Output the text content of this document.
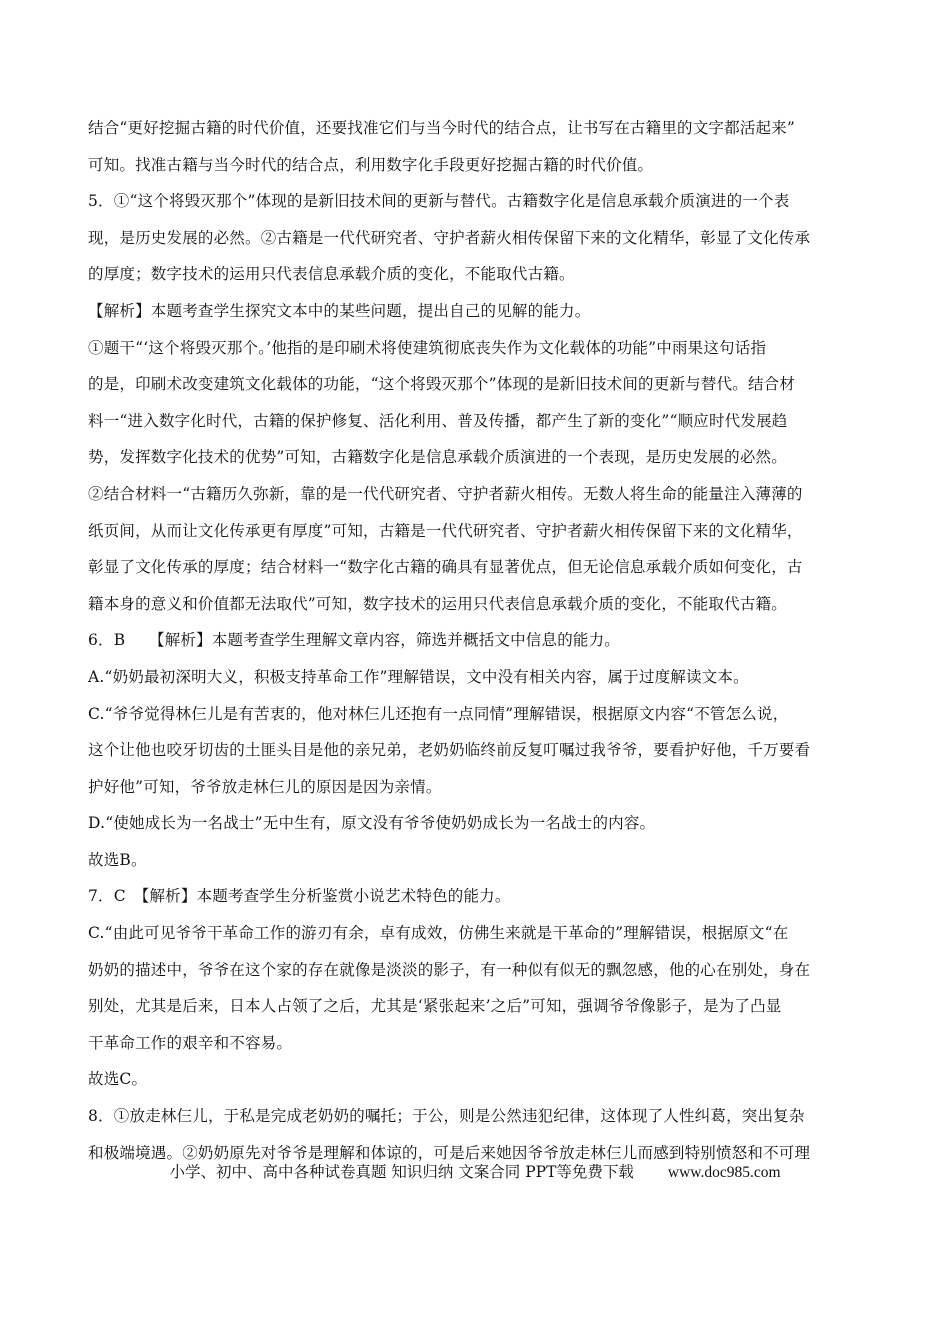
结合“更好挖掘古籍的时代价值，还要找准它们与当今时代的结合点，让书写在古籍里的文字都活起来”
可知。找准古籍与当今时代的结合点，利用数字化手段更好挖掘古籍的时代价值。
5．①“这个将毁灭那个”体现的是新旧技术间的更新与替代。古籍数字化是信息承载介质演进的一个表
现，是历史发展的必然。②古籍是一代代研究者、守护者薪火相传保留下来的文化精华，彰显了文化传承
的厚度；数字技术的运用只代表信息承载介质的变化，不能取代古籍。
【解析】本题考查学生探究文本中的某些问题，提出自己的见解的能力。
①题干“‘这个将毁灭那个。’他指的是印刷术将使建筑彻底丧失作为文化载体的功能”中雨果这句话指
的是，印刷术改变建筑文化载体的功能，“这个将毁灭那个”体现的是新旧技术间的更新与替代。结合材
料一“进入数字化时代，古籍的保护修复、活化利用、普及传播，都产生了新的变化”“顺应时代发展趋
势，发挥数字化技术的优势”可知，古籍数字化是信息承载介质演进的一个表现，是历史发展的必然。
②结合材料一“古籍历久弥新，靠的是一代代研究者、守护者薪火相传。无数人将生命的能量注入薄薄的
纸页间，从而让文化传承更有厚度”可知，古籍是一代代研究者、守护者薪火相传保留下来的文化精华，
彰显了文化传承的厚度；结合材料一“数字化古籍的确具有显著优点，但无论信息承载介质如何变化，古
籍本身的意义和价值都无法取代”可知，数字技术的运用只代表信息承载介质的变化，不能取代古籍。
6．B　　【解析】本题考查学生理解文章内容，筛选并概括文中信息的能力。
A.“奶奶最初深明大义，积极支持革命工作”理解错误，文中没有相关内容，属于过度解读文本。
C.“爷爷觉得林仨儿是有苦衷的，他对林仨儿还抱有一点同情”理解错误，根据原文内容“不管怎么说，
这个让他也咬牙切齿的土匪头目是他的亲兄弟，老奶奶临终前反复叮嘱过我爷爷，要看护好他，千万要看
护好他”可知，爷爷放走林仨儿的原因是因为亲情。
D.“使她成长为一名战士”无中生有，原文没有爷爷使奶奶成长为一名战士的内容。
故选B。
7．C　【解析】本题考查学生分析鉴赏小说艺术特色的能力。
C.“由此可见爷爷干革命工作的游刃有余，卓有成效，仿佛生来就是干革命的”理解错误，根据原文“在
奶奶的描述中，爷爷在这个家的存在就像是淡淡的影子，有一种似有似无的飘忽感，他的心在别处，身在
别处，尤其是后来，日本人占领了之后，尤其是‘紧张起来’之后”可知，强调爷爷像影子，是为了凸显
干革命工作的艰辛和不容易。
故选C。
8．①放走林仨儿，于私是完成老奶奶的嘱托；于公，则是公然违犯纪律，这体现了人性纠葛，突出复杂
和极端境遇。②奶奶原先对爷爷是理解和体谅的，可是后来她因爷爷放走林仨儿而感到特别愤怒和不可理
小学、初中、高中各种试卷真题 知识归纳 文案合同 PPT等免费下载 www.doc985.com
